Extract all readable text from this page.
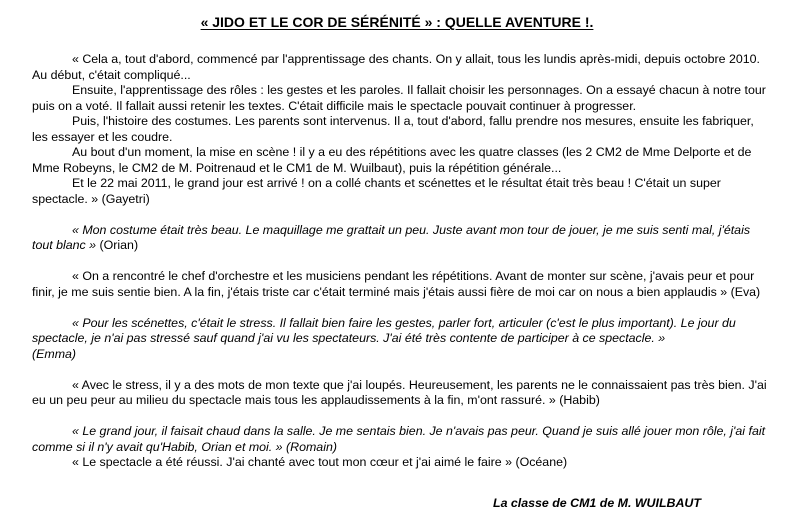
« JIDO ET LE COR DE SÉRÉNITÉ » : QUELLE AVENTURE !.

« Cela a, tout d'abord, commencé par l'apprentissage des chants. On y allait, tous les lundis après-midi, depuis octobre 2010. Au début, c'était compliqué...

Ensuite, l'apprentissage des rôles : les gestes et les paroles. Il fallait choisir les personnages. On a essayé chacun à notre tour puis on a voté. Il fallait aussi retenir les textes. C'était difficile mais le spectacle pouvait continuer à progresser.

Puis, l'histoire des costumes. Les parents sont intervenus. Il a, tout d'abord, fallu prendre nos mesures, ensuite les fabriquer, les essayer et les coudre.

Au bout d'un moment, la mise en scène ! il y a eu des répétitions avec les quatre classes (les 2 CM2 de Mme Delporte et de Mme Robeyns, le CM2 de M. Poitrenaud et le CM1 de M. Wuilbaut), puis la répétition générale...

Et le 22 mai 2011, le grand jour est arrivé ! on a collé chants et scénettes et le résultat était très beau ! C'était un super spectacle. » (Gayetri)

« Mon costume était très beau. Le maquillage me grattait un peu. Juste avant mon tour de jouer, je me suis senti mal, j'étais tout blanc » (Orian)

« On a rencontré le chef d'orchestre et les musiciens pendant les répétitions. Avant de monter sur scène, j'avais peur et pour finir, je me suis sentie bien. A la fin, j'étais triste car c'était terminé mais j'étais aussi fière de moi car on nous a bien applaudis » (Eva)

« Pour les scénettes, c'était le stress. Il fallait bien faire les gestes, parler fort, articuler (c'est le plus important). Le jour du spectacle, je n'ai pas stressé sauf quand j'ai vu les spectateurs. J'ai été très contente de participer à ce spectacle. »
(Emma)

« Avec le stress, il y a des mots de mon texte que j'ai loupés. Heureusement, les parents ne le connaissaient pas très bien. J'ai eu un peu peur au milieu du spectacle mais tous les applaudissements à la fin, m'ont rassuré. » (Habib)

« Le grand jour, il faisait chaud dans la salle. Je me sentais bien. Je n'avais pas peur. Quand je suis allé jouer mon rôle, j'ai fait comme si il n'y avait qu'Habib, Orian et moi. » (Romain)

« Le spectacle a été réussi. J'ai chanté avec tout mon cœur et j'ai aimé le faire » (Océane)

La classe de CM1 de M. WUILBAUT
